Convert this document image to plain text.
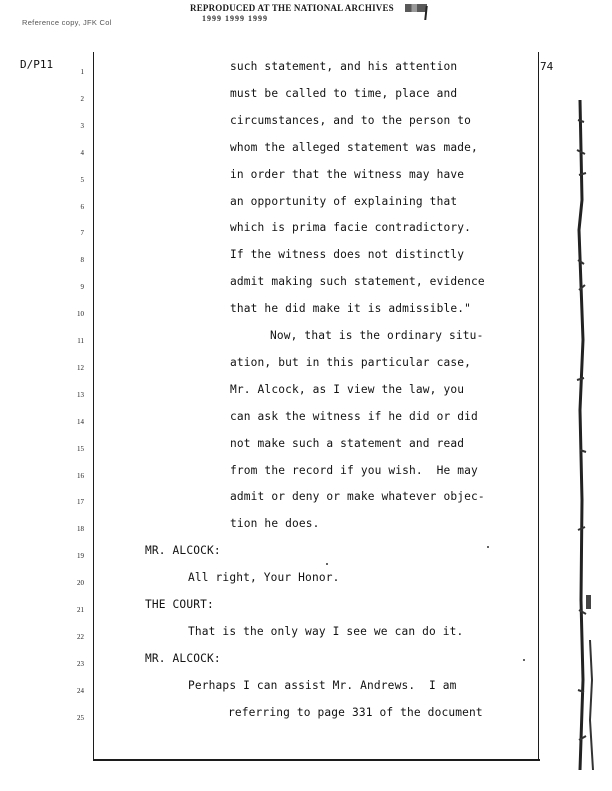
REPRODUCED AT THE NATIONAL ARCHIVES
1999 1999 1999
Reference copy, JFK Col
D/P11	74
1
2
3
4
5
6
7
8
9
10
11
12
13
14
15
16
17
18
19
20
21
22
23
24
25
such statement, and his attention
must be called to time, place and
circumstances, and to the person to
whom the alleged statement was made,
in order that the witness may have
an opportunity of explaining that
which is prima facie contradictory.
If the witness does not distinctly
admit making such statement, evidence
that he did make it is admissible."
Now, that is the ordinary situ-
ation, but in this particular case,
Mr. Alcock, as I view the law, you
can ask the witness if he did or did
not make such a statement and read
from the record if you wish.  He may
admit or deny or make whatever objec-
tion he does.
MR. ALCOCK:
All right, Your Honor.
THE COURT:
That is the only way I see we can do it.
MR. ALCOCK:
Perhaps I can assist Mr. Andrews.  I am
referring to page 331 of the document
